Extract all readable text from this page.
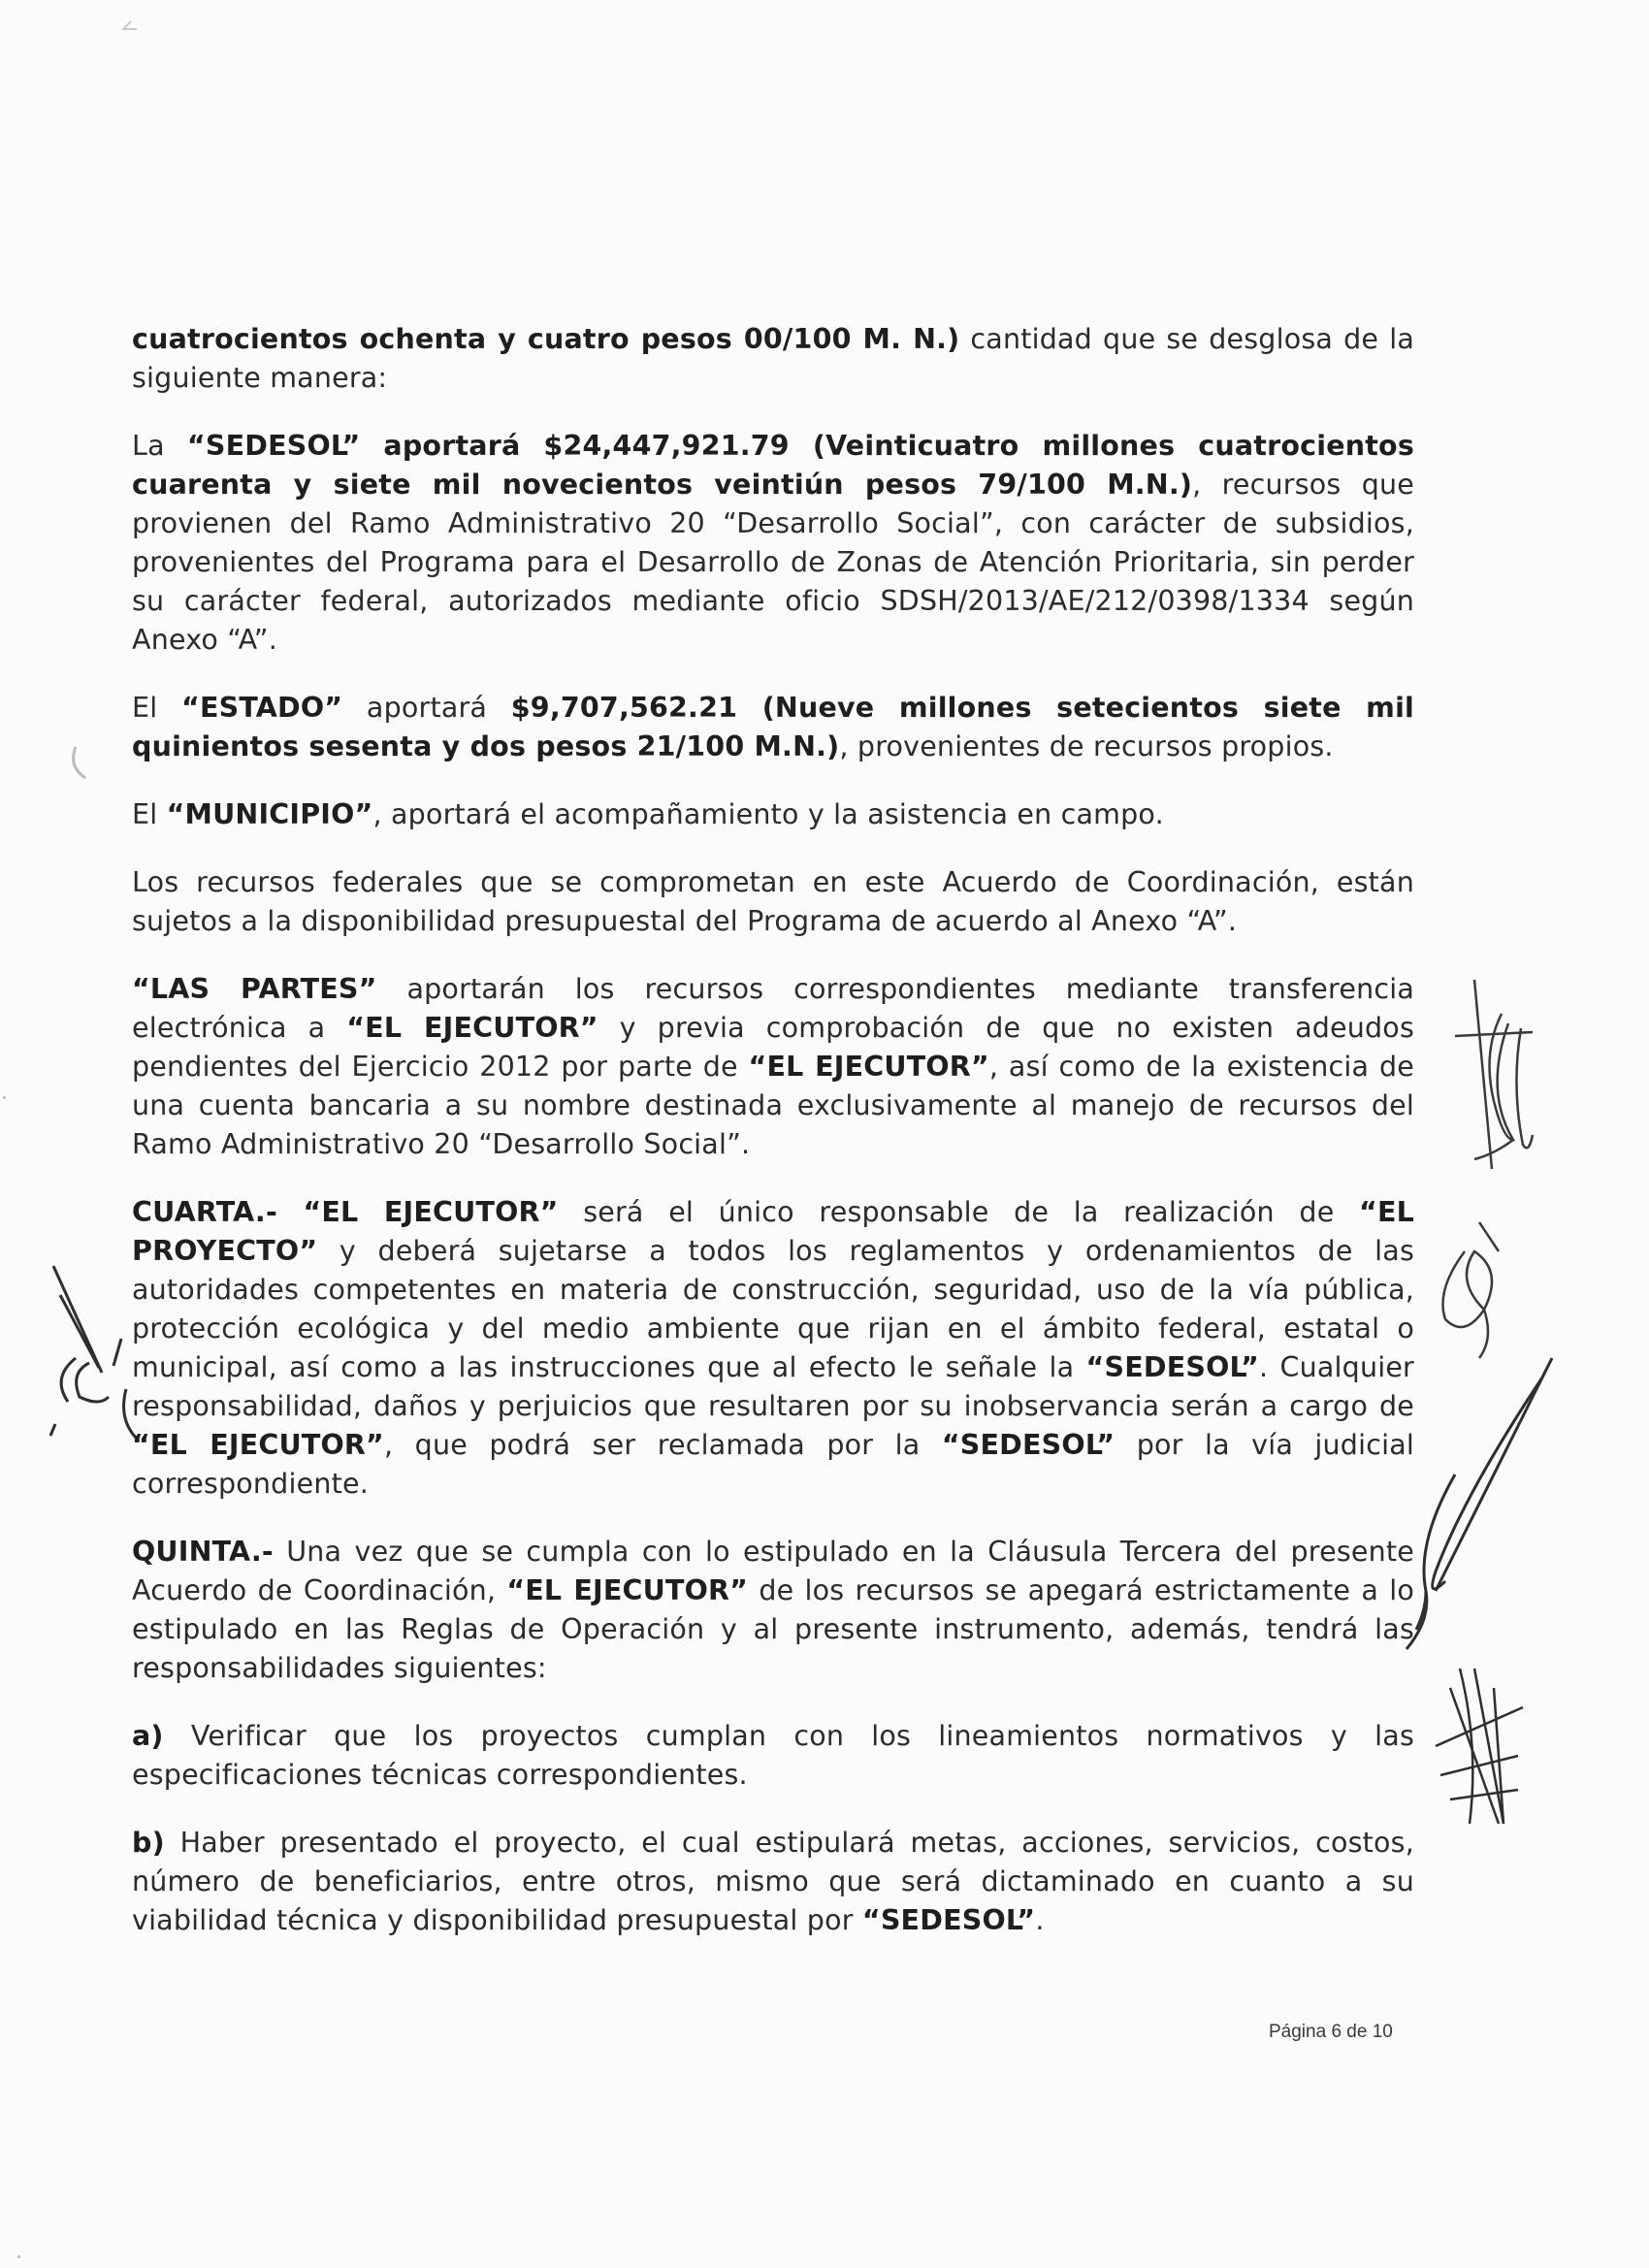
cuatrocientos ochenta y cuatro pesos 00/100 M. N.) cantidad que se desglosa de la siguiente manera:

La “SEDESOL” aportará $24,447,921.79 (Veinticuatro millones cuatrocientos cuarenta y siete mil novecientos veintiún pesos 79/100 M.N.), recursos que provienen del Ramo Administrativo 20 “Desarrollo Social”, con carácter de subsidios, provenientes del Programa para el Desarrollo de Zonas de Atención Prioritaria, sin perder su carácter federal, autorizados mediante oficio SDSH/2013/AE/212/0398/1334 según Anexo “A”.

El “ESTADO” aportará $9,707,562.21 (Nueve millones setecientos siete mil quinientos sesenta y dos pesos 21/100 M.N.), provenientes de recursos propios.

El “MUNICIPIO”, aportará el acompañamiento y la asistencia en campo.

Los recursos federales que se comprometan en este Acuerdo de Coordinación, están sujetos a la disponibilidad presupuestal del Programa de acuerdo al Anexo “A”.

“LAS PARTES” aportarán los recursos correspondientes mediante transferencia electrónica a “EL EJECUTOR” y previa comprobación de que no existen adeudos pendientes del Ejercicio 2012 por parte de “EL EJECUTOR”, así como de la existencia de una cuenta bancaria a su nombre destinada exclusivamente al manejo de recursos del Ramo Administrativo 20 “Desarrollo Social”.

CUARTA.- “EL EJECUTOR” será el único responsable de la realización de “EL PROYECTO” y deberá sujetarse a todos los reglamentos y ordenamientos de las autoridades competentes en materia de construcción, seguridad, uso de la vía pública, protección ecológica y del medio ambiente que rijan en el ámbito federal, estatal o municipal, así como a las instrucciones que al efecto le señale la “SEDESOL”. Cualquier responsabilidad, daños y perjuicios que resultaren por su inobservancia serán a cargo de “EL EJECUTOR”, que podrá ser reclamada por la “SEDESOL” por la vía judicial correspondiente.

QUINTA.- Una vez que se cumpla con lo estipulado en la Cláusula Tercera del presente Acuerdo de Coordinación, “EL EJECUTOR” de los recursos se apegará estrictamente a lo estipulado en las Reglas de Operación y al presente instrumento, además, tendrá las responsabilidades siguientes:

a) Verificar que los proyectos cumplan con los lineamientos normativos y las especificaciones técnicas correspondientes.

b) Haber presentado el proyecto, el cual estipulará metas, acciones, servicios, costos, número de beneficiarios, entre otros, mismo que será dictaminado en cuanto a su viabilidad técnica y disponibilidad presupuestal por “SEDESOL”.

Página 6 de 10
